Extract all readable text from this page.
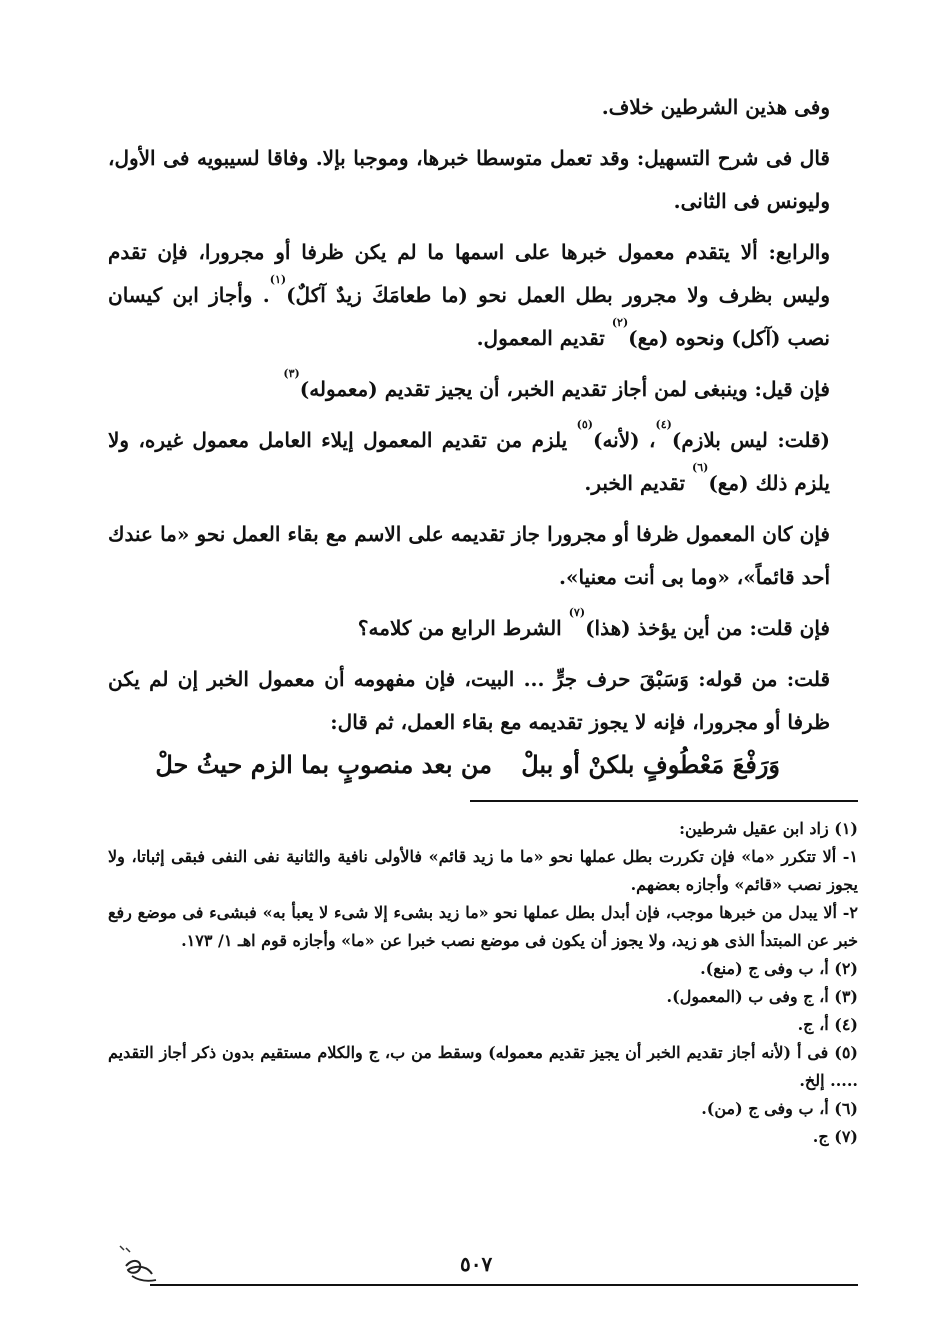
وفى هذين الشرطين خلاف.

قال فى شرح التسهيل: وقد تعمل متوسطا خبرها، وموجبا بإلا. وفاقا لسيبويه فى الأول، وليونس فى الثانى.

والرابع: ألا يتقدم معمول خبرها على اسمها ما لم يكن ظرفا أو مجرورا، فإن تقدم وليس بظرف ولا مجرور بطل العمل نحو (ما طعامَكَ زيدٌ آكلٌ)$^{(١)}$. وأجاز ابن كيسان نصب (آكل) ونحوه (مع)$^{(٢)}$ تقديم المعمول.

فإن قيل: وينبغى لمن أجاز تقديم الخبر، أن يجيز تقديم (معموله)$^{(٣)}$

(قلت: ليس بلازم)$^{(٤)}$، (لأنه)$^{(٥)}$ يلزم من تقديم المعمول إيلاء العامل معمول غيره، ولا يلزم ذلك (مع)$^{(٦)}$ تقديم الخبر.

فإن كان المعمول ظرفا أو مجرورا جاز تقديمه على الاسم مع بقاء العمل نحو «ما عندك أحد قائماً»، «وما بى أنت معنيا».

فإن قلت: من أين يؤخذ (هذا)$^{(٧)}$ الشرط الرابع من كلامه؟

قلت: من قوله: وَسَبْقَ حرف جرٍّ ... البيت، فإن مفهومه أن معمول الخبر إن لم يكن ظرفا أو مجرورا، فإنه لا يجوز تقديمه مع بقاء العمل، ثم قال:

وَرَفْعَ مَعْطُوفٍ بلكنْ أو ببلْ
من بعد منصوبٍ بما الزم حيثُ حلْ

(١) زاد ابن عقيل شرطين:

١- ألا تتكرر «ما» فإن تكررت بطل عملها نحو «ما ما زيد قائم» فالأولى نافية والثانية نفى النفى فبقى إثباتا، ولا يجوز نصب «قائم» وأجازه بعضهم.

٢- ألا يبدل من خبرها موجب، فإن أبدل بطل عملها نحو «ما زيد بشىء إلا شىء لا يعبأ به» فبشىء فى موضع رفع خبر عن المبتدأ الذى هو زيد، ولا يجوز أن يكون فى موضع نصب خبرا عن «ما» وأجازه قوم اهـ ١/ ١٧٣.

(٢) أ، ب وفى ج (منع).

(٣) أ، ج وفى ب (المعمول).

(٤) أ، ج.

(٥) فى أ (لأنه أجاز تقديم الخبر أن يجيز تقديم معموله) وسقط من ب، ج والكلام مستقيم بدون ذكر أجاز التقديم ..... إلخ.

(٦) أ، ب وفى ج (من).

(٧) ج.

٥٠٧
